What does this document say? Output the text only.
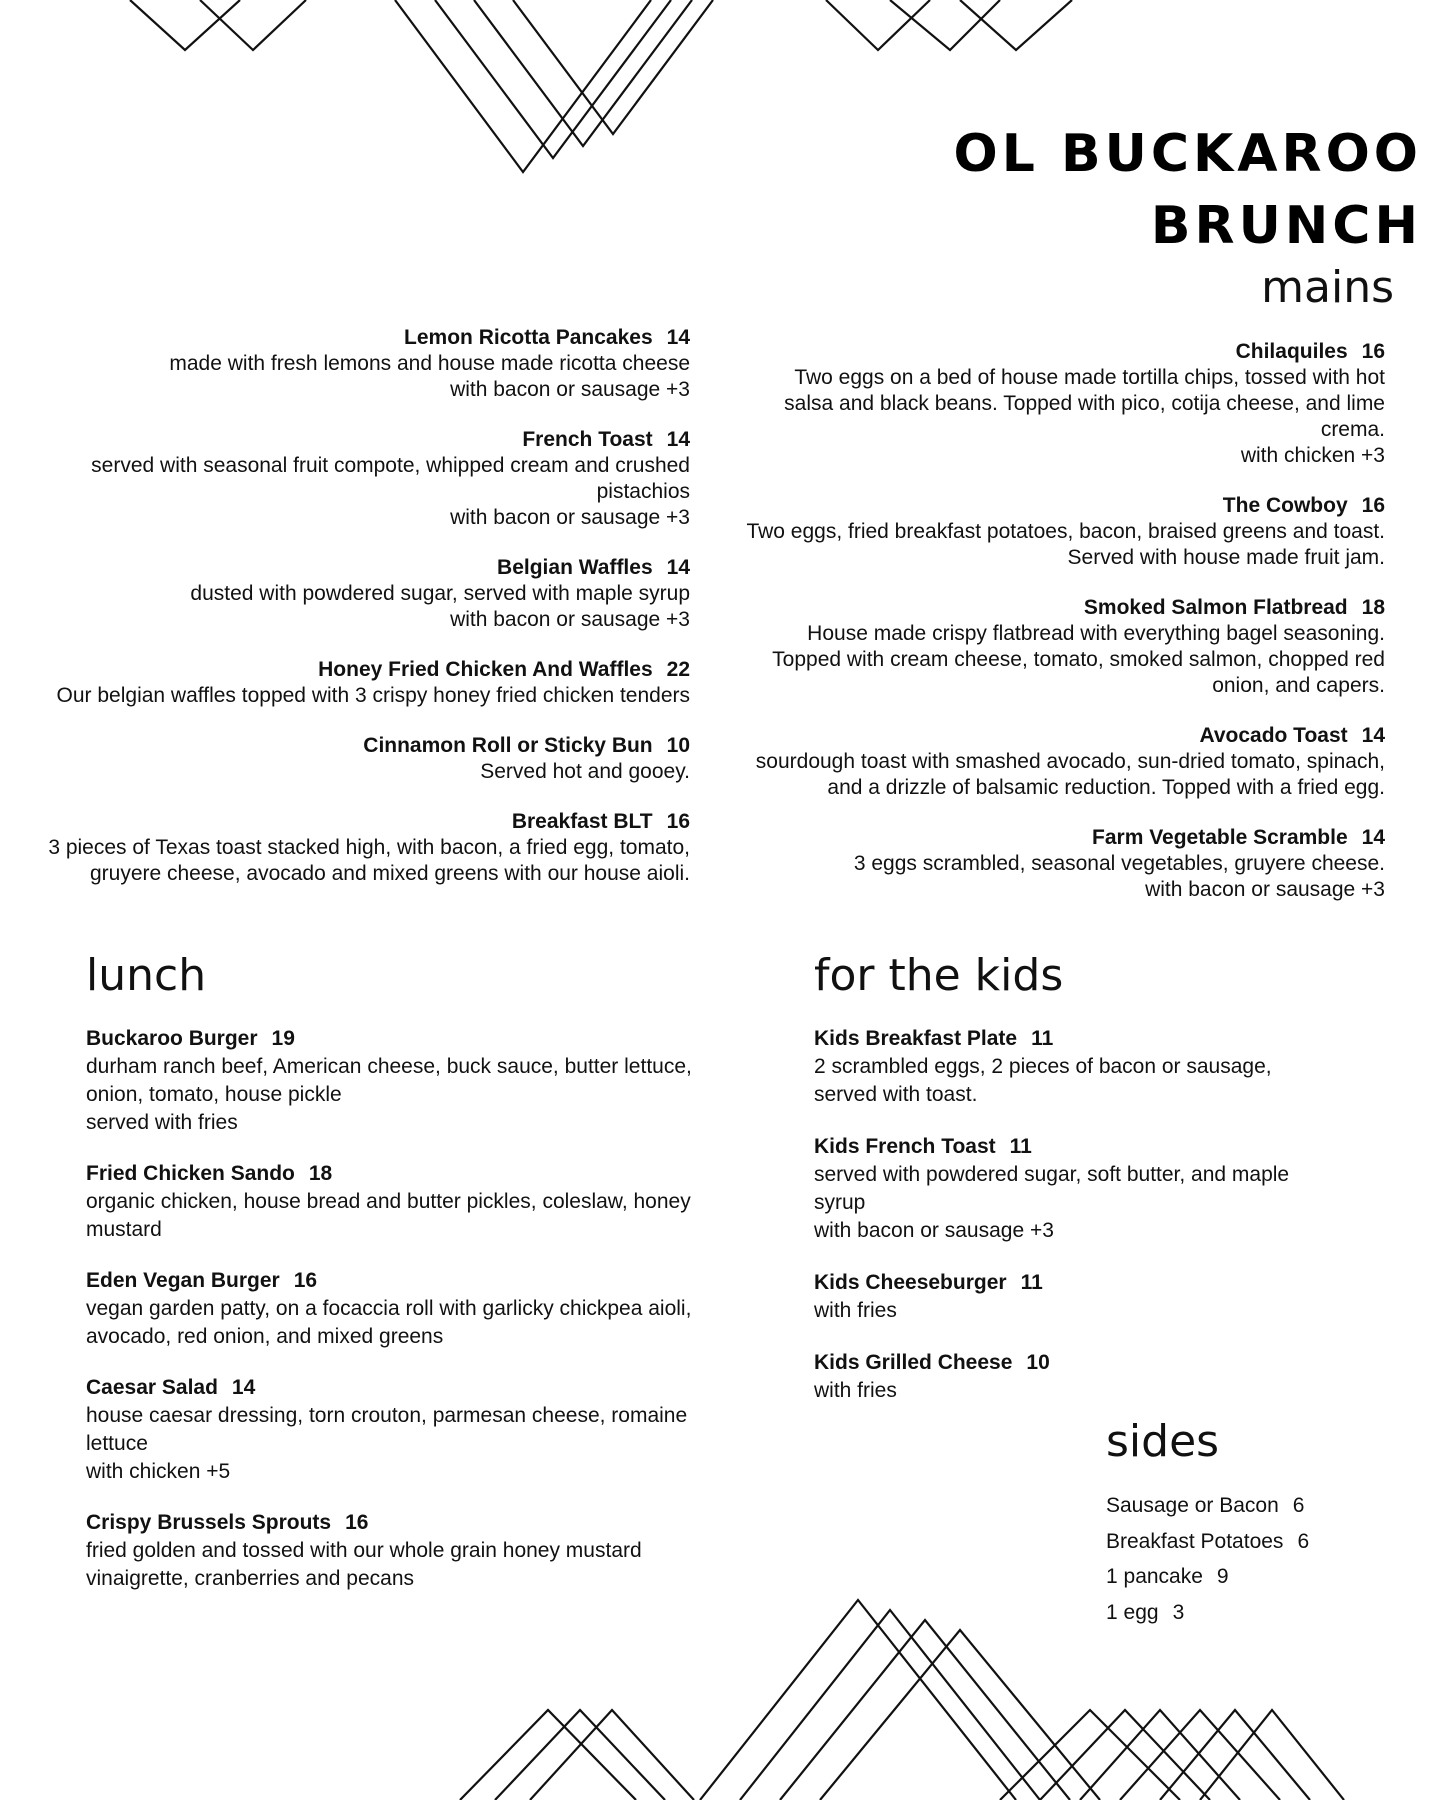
OL BUCKAROO
BRUNCH
mains
Lemon Ricotta Pancakes 14
made with fresh lemons and house made ricotta cheese
with bacon or sausage +3
French Toast 14
served with seasonal fruit compote, whipped cream and crushed pistachios
with bacon or sausage +3
Belgian Waffles 14
dusted with powdered sugar, served with maple syrup
with bacon or sausage +3
Honey Fried Chicken And Waffles 22
Our belgian waffles topped with 3 crispy honey fried chicken tenders
Cinnamon Roll or Sticky Bun 10
Served hot and gooey.
Breakfast BLT 16
3 pieces of Texas toast stacked high, with bacon, a fried egg, tomato, gruyere cheese, avocado and mixed greens with our house aioli.
Chilaquiles 16
Two eggs on a bed of house made tortilla chips, tossed with hot salsa and black beans. Topped with pico, cotija cheese, and lime crema.
with chicken +3
The Cowboy 16
Two eggs, fried breakfast potatoes, bacon, braised greens and toast. Served with house made fruit jam.
Smoked Salmon Flatbread 18
House made crispy flatbread with everything bagel seasoning. Topped with cream cheese, tomato, smoked salmon, chopped red onion, and capers.
Avocado Toast 14
sourdough toast with smashed avocado, sun-dried tomato, spinach, and a drizzle of balsamic reduction. Topped with a fried egg.
Farm Vegetable Scramble 14
3 eggs scrambled, seasonal vegetables, gruyere cheese.
with bacon or sausage +3
lunch
Buckaroo Burger 19
durham ranch beef, American cheese, buck sauce, butter lettuce, onion, tomato, house pickle
served with fries
Fried Chicken Sando 18
organic chicken, house bread and butter pickles, coleslaw, honey mustard
Eden Vegan Burger 16
vegan garden patty, on a focaccia roll with garlicky chickpea aioli, avocado, red onion, and mixed greens
Caesar Salad 14
house caesar dressing, torn crouton, parmesan cheese, romaine lettuce
with chicken +5
Crispy Brussels Sprouts 16
fried golden and tossed with our whole grain honey mustard vinaigrette, cranberries and pecans
for the kids
Kids Breakfast Plate 11
2 scrambled eggs, 2 pieces of bacon or sausage, served with toast.
Kids French Toast 11
served with powdered sugar, soft butter, and maple syrup
with bacon or sausage +3
Kids Cheeseburger 11
with fries
Kids Grilled Cheese 10
with fries
sides
Sausage or Bacon 6
Breakfast Potatoes 6
1 pancake 9
1 egg 3
